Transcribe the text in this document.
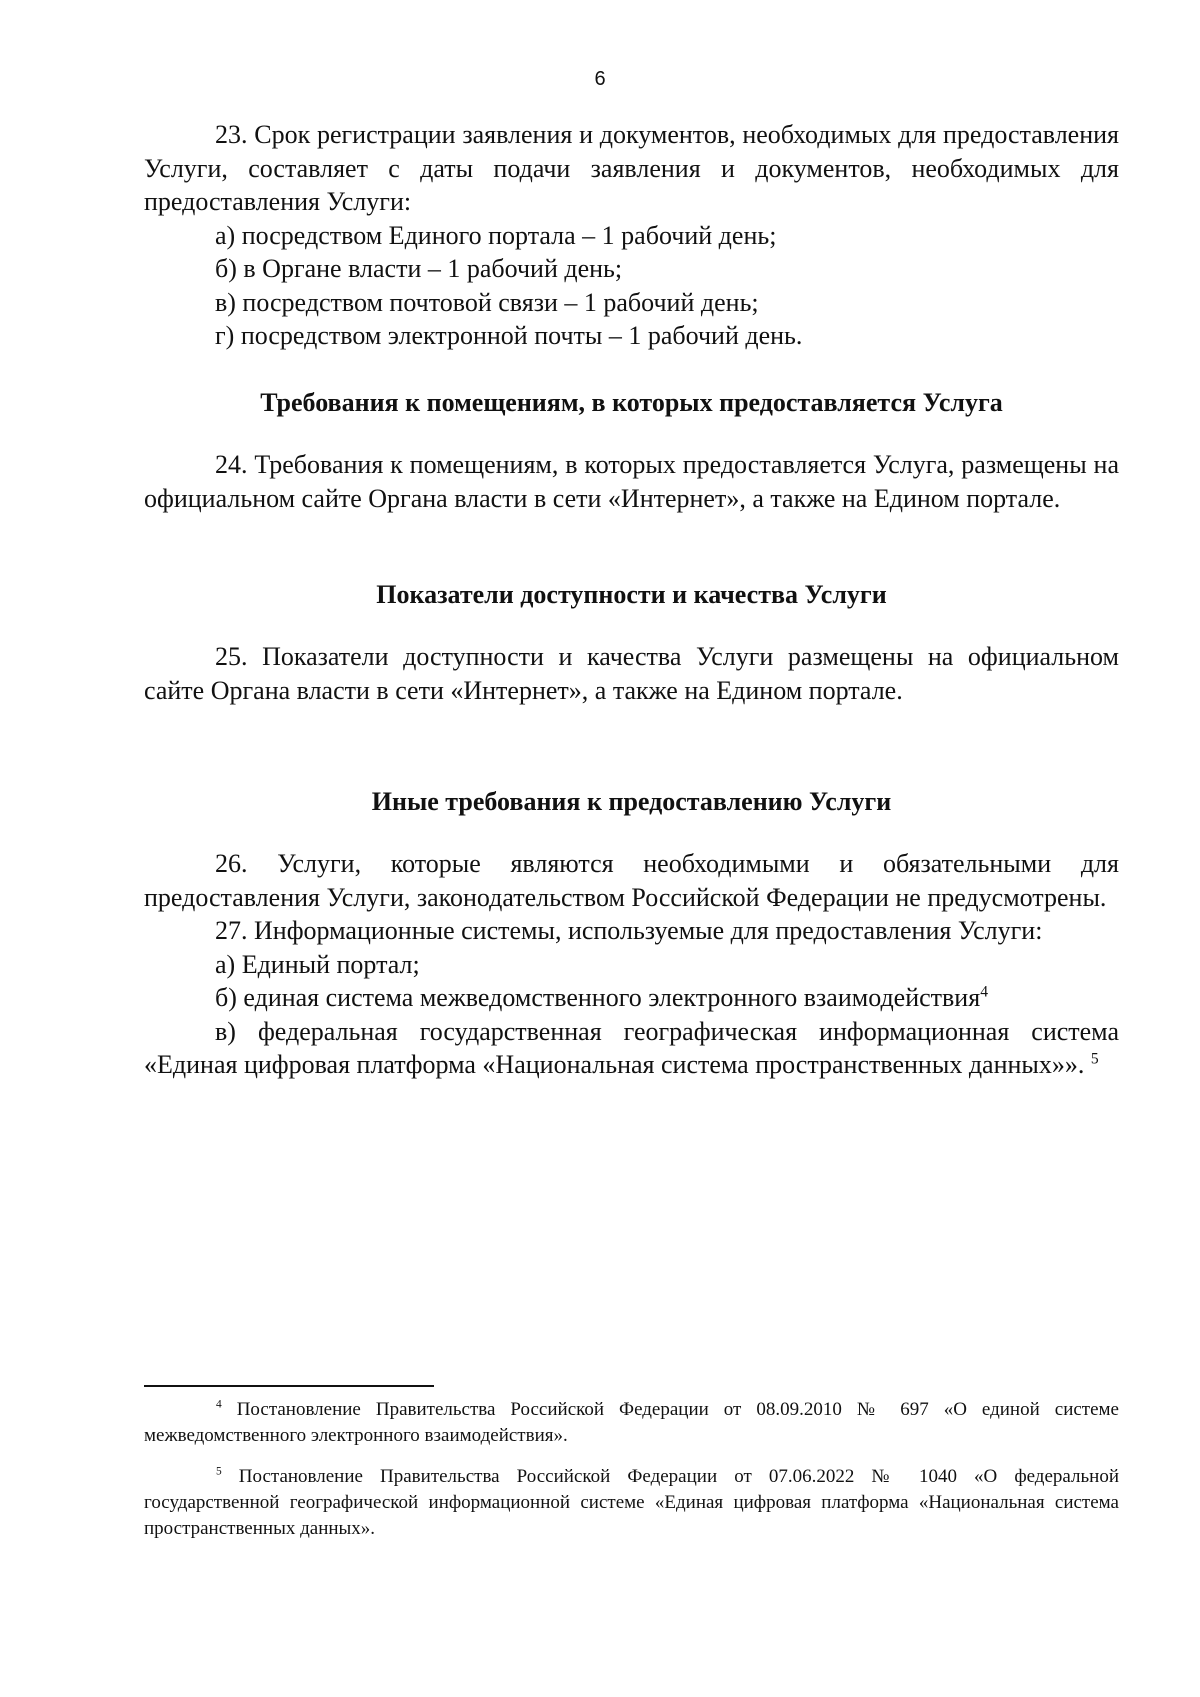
6

23. Срок регистрации заявления и документов, необходимых для предоставления Услуги, составляет с даты подачи заявления и документов, необходимых для предоставления Услуги:

а) посредством Единого портала – 1 рабочий день;

б) в Органе власти – 1 рабочий день;

в) посредством почтовой связи – 1 рабочий день;

г) посредством электронной почты – 1 рабочий день.

Требования к помещениям, в которых предоставляется Услуга

24. Требования к помещениям, в которых предоставляется Услуга, размещены на официальном сайте Органа власти в сети «Интернет», а также на Едином портале.

Показатели доступности и качества Услуги

25. Показатели доступности и качества Услуги размещены на официальном сайте Органа власти в сети «Интернет», а также на Едином портале.

Иные требования к предоставлению Услуги

26. Услуги, которые являются необходимыми и обязательными для предоставления Услуги, законодательством Российской Федерации не предусмотрены.

27. Информационные системы, используемые для предоставления Услуги:

а) Единый портал;

б) единая система межведомственного электронного взаимодействия$^4$

в) федеральная государственная географическая информационная система «Единая цифровая платформа «Национальная система пространственных данных»». $^5$

$^4$ Постановление Правительства Российской Федерации от 08.09.2010 № 697 «О единой системе межведомственного электронного взаимодействия».

$^5$ Постановление Правительства Российской Федерации от 07.06.2022 № 1040 «О федеральной государственной географической информационной системе «Единая цифровая платформа «Национальная система пространственных данных».
